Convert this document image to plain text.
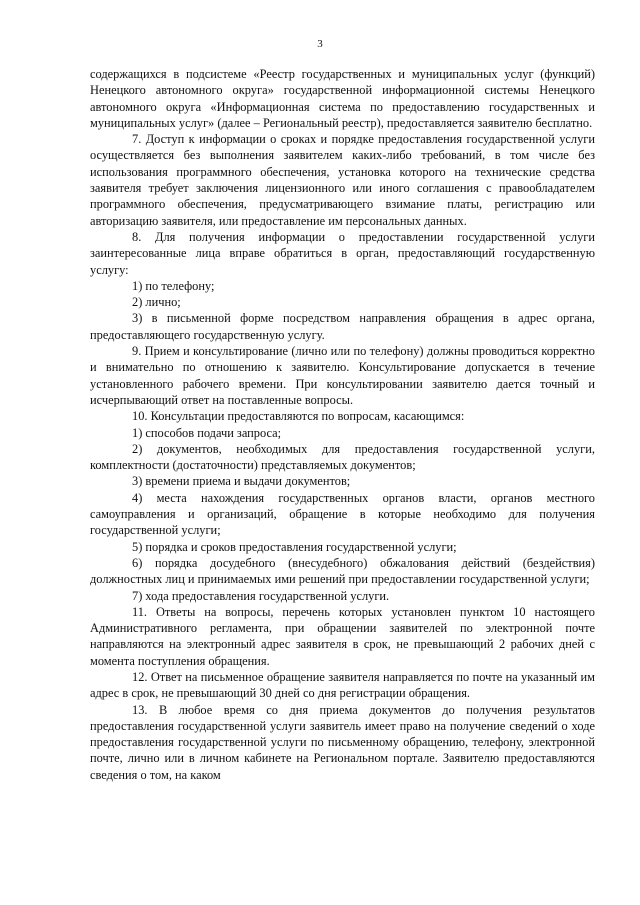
3

содержащихся в подсистеме «Реестр государственных и муниципальных услуг (функций) Ненецкого автономного округа» государственной информационной системы Ненецкого автономного округа «Информационная система по предоставлению государственных и муниципальных услуг» (далее – Региональный реестр), предоставляется заявителю бесплатно.

7. Доступ к информации о сроках и порядке предоставления государственной услуги осуществляется без выполнения заявителем каких-либо требований, в том числе без использования программного обеспечения, установка которого на технические средства заявителя требует заключения лицензионного или иного соглашения с правообладателем программного обеспечения, предусматривающего взимание платы, регистрацию или авторизацию заявителя, или предоставление им персональных данных.

8. Для получения информации о предоставлении государственной услуги заинтересованные лица вправе обратиться в орган, предоставляющий государственную услугу:

1) по телефону;

2) лично;

3) в письменной форме посредством направления обращения в адрес органа, предоставляющего государственную услугу.

9. Прием и консультирование (лично или по телефону) должны проводиться корректно и внимательно по отношению к заявителю. Консультирование допускается в течение установленного рабочего времени. При консультировании заявителю дается точный и исчерпывающий ответ на поставленные вопросы.

10. Консультации предоставляются по вопросам, касающимся:

1) способов подачи запроса;

2) документов, необходимых для предоставления государственной услуги, комплектности (достаточности) представляемых документов;

3) времени приема и выдачи документов;

4) места нахождения государственных органов власти, органов местного самоуправления и организаций, обращение в которые необходимо для получения государственной услуги;

5) порядка и сроков предоставления государственной услуги;

6) порядка досудебного (внесудебного) обжалования действий (бездействия) должностных лиц и принимаемых ими решений при предоставлении государственной услуги;

7) хода предоставления государственной услуги.

11. Ответы на вопросы, перечень которых установлен пунктом 10 настоящего Административного регламента, при обращении заявителей по электронной почте направляются на электронный адрес заявителя в срок, не превышающий 2 рабочих дней с момента поступления обращения.

12. Ответ на письменное обращение заявителя направляется по почте на указанный им адрес в срок, не превышающий 30 дней со дня регистрации обращения.

13. В любое время со дня приема документов до получения результатов предоставления государственной услуги заявитель имеет право на получение сведений о ходе предоставления государственной услуги по письменному обращению, телефону, электронной почте, лично или в личном кабинете на Региональном портале. Заявителю предоставляются сведения о том, на каком
